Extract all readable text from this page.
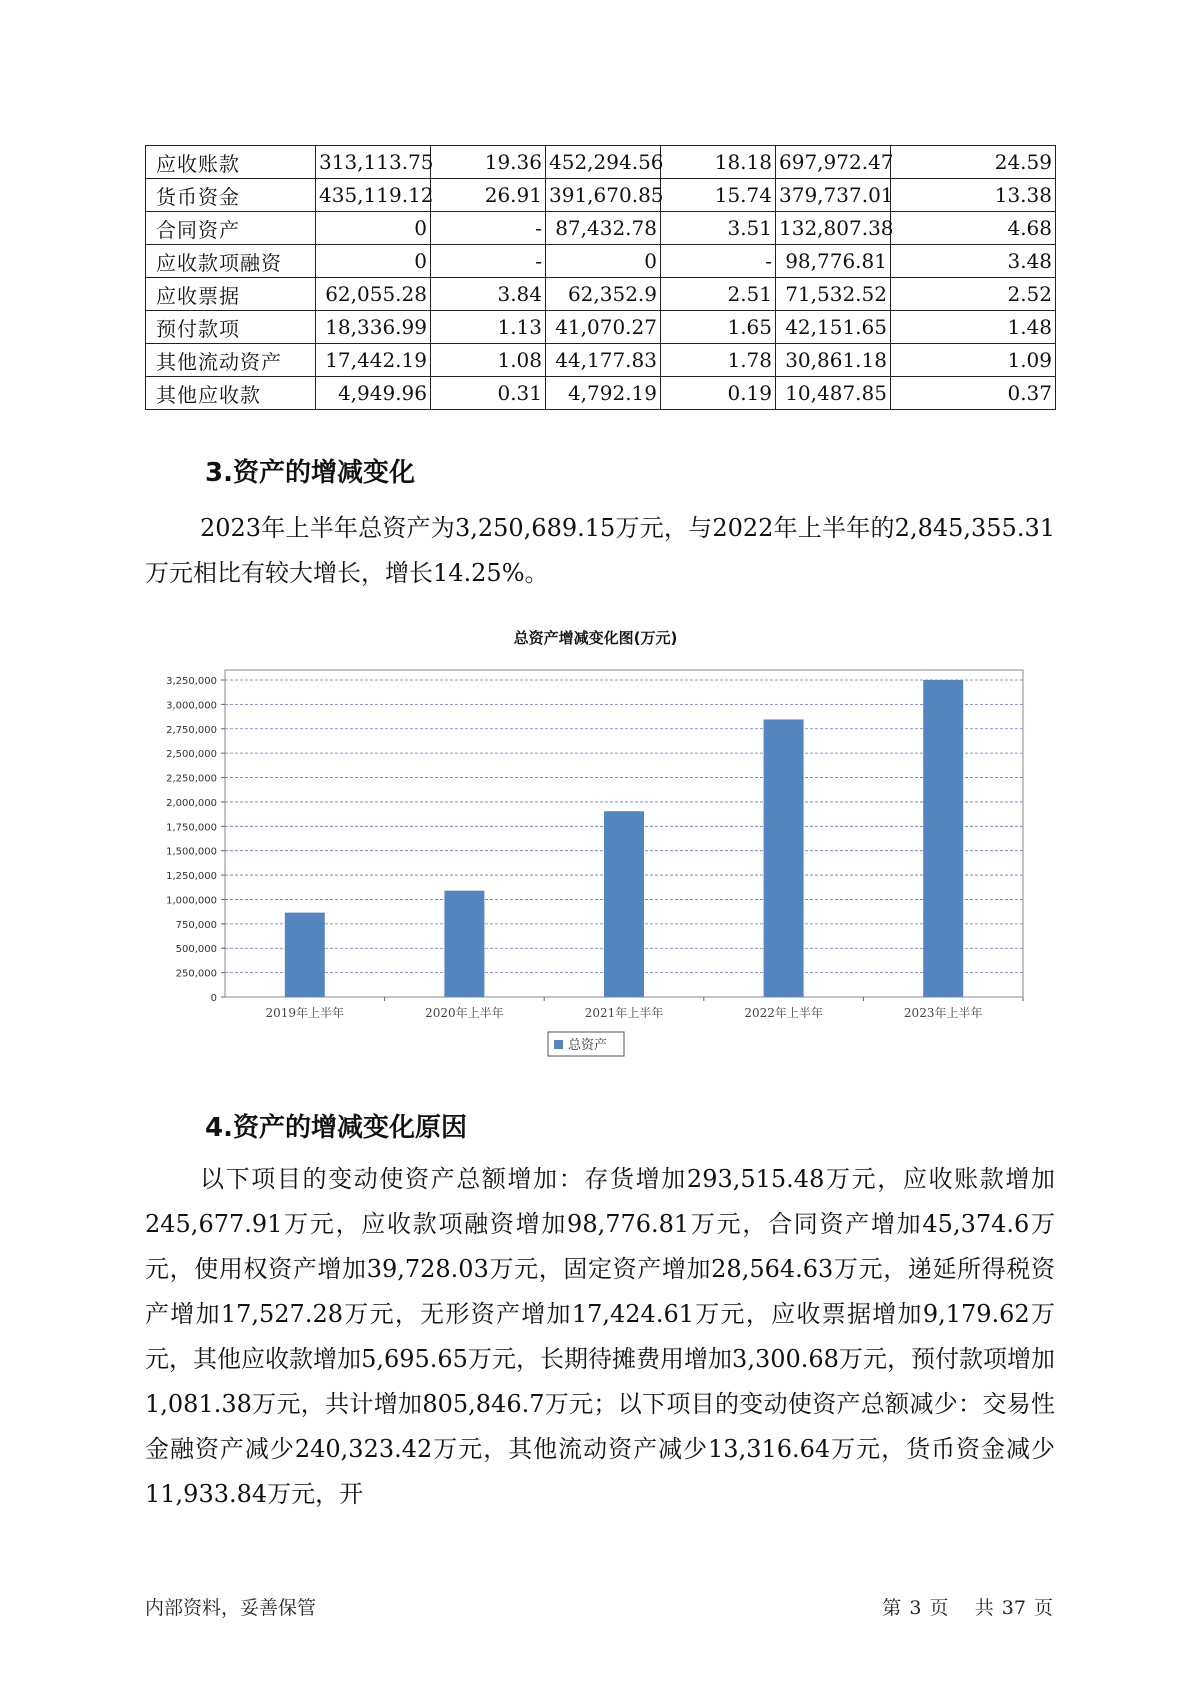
应收账款	313,113.75	19.36	452,294.56	18.18	697,972.47	24.59
货币资金	435,119.12	26.91	391,670.85	15.74	379,737.01	13.38
合同资产	0	-	87,432.78	3.51	132,807.38	4.68
应收款项融资	0	-	0	-	98,776.81	3.48
应收票据	62,055.28	3.84	62,352.9	2.51	71,532.52	2.52
预付款项	18,336.99	1.13	41,070.27	1.65	42,151.65	1.48
其他流动资产	17,442.19	1.08	44,177.83	1.78	30,861.18	1.09
其他应收款	4,949.96	0.31	4,792.19	0.19	10,487.85	0.37
3.资产的增减变化

2023年上半年总资产为3,250,689.15万元，与2022年上半年的2,845,355.31万元相比有较大增长，增长14.25%。

总资产增减变化图(万元)
0
250,000
500,000
750,000
1,000,000
1,250,000
1,500,000
1,750,000
2,000,000
2,250,000
2,500,000
2,750,000
3,000,000
3,250,000
2019年上半年	2020年上半年	2021年上半年	2022年上半年	2023年上半年
总资产
4.资产的增减变化原因

以下项目的变动使资产总额增加：存货增加293,515.48万元，应收账款增加245,677.91万元，应收款项融资增加98,776.81万元，合同资产增加45,374.6万元，使用权资产增加39,728.03万元，固定资产增加28,564.63万元，递延所得税资产增加17,527.28万元，无形资产增加17,424.61万元，应收票据增加9,179.62万元，其他应收款增加5,695.65万元，长期待摊费用增加3,300.68万元，预付款项增加1,081.38万元，共计增加805,846.7万元；以下项目的变动使资产总额减少：交易性金融资产减少240,323.42万元，其他流动资产减少13,316.64万元，货币资金减少11,933.84万元，开

内部资料，妥善保管	第 3 页 共 37 页
